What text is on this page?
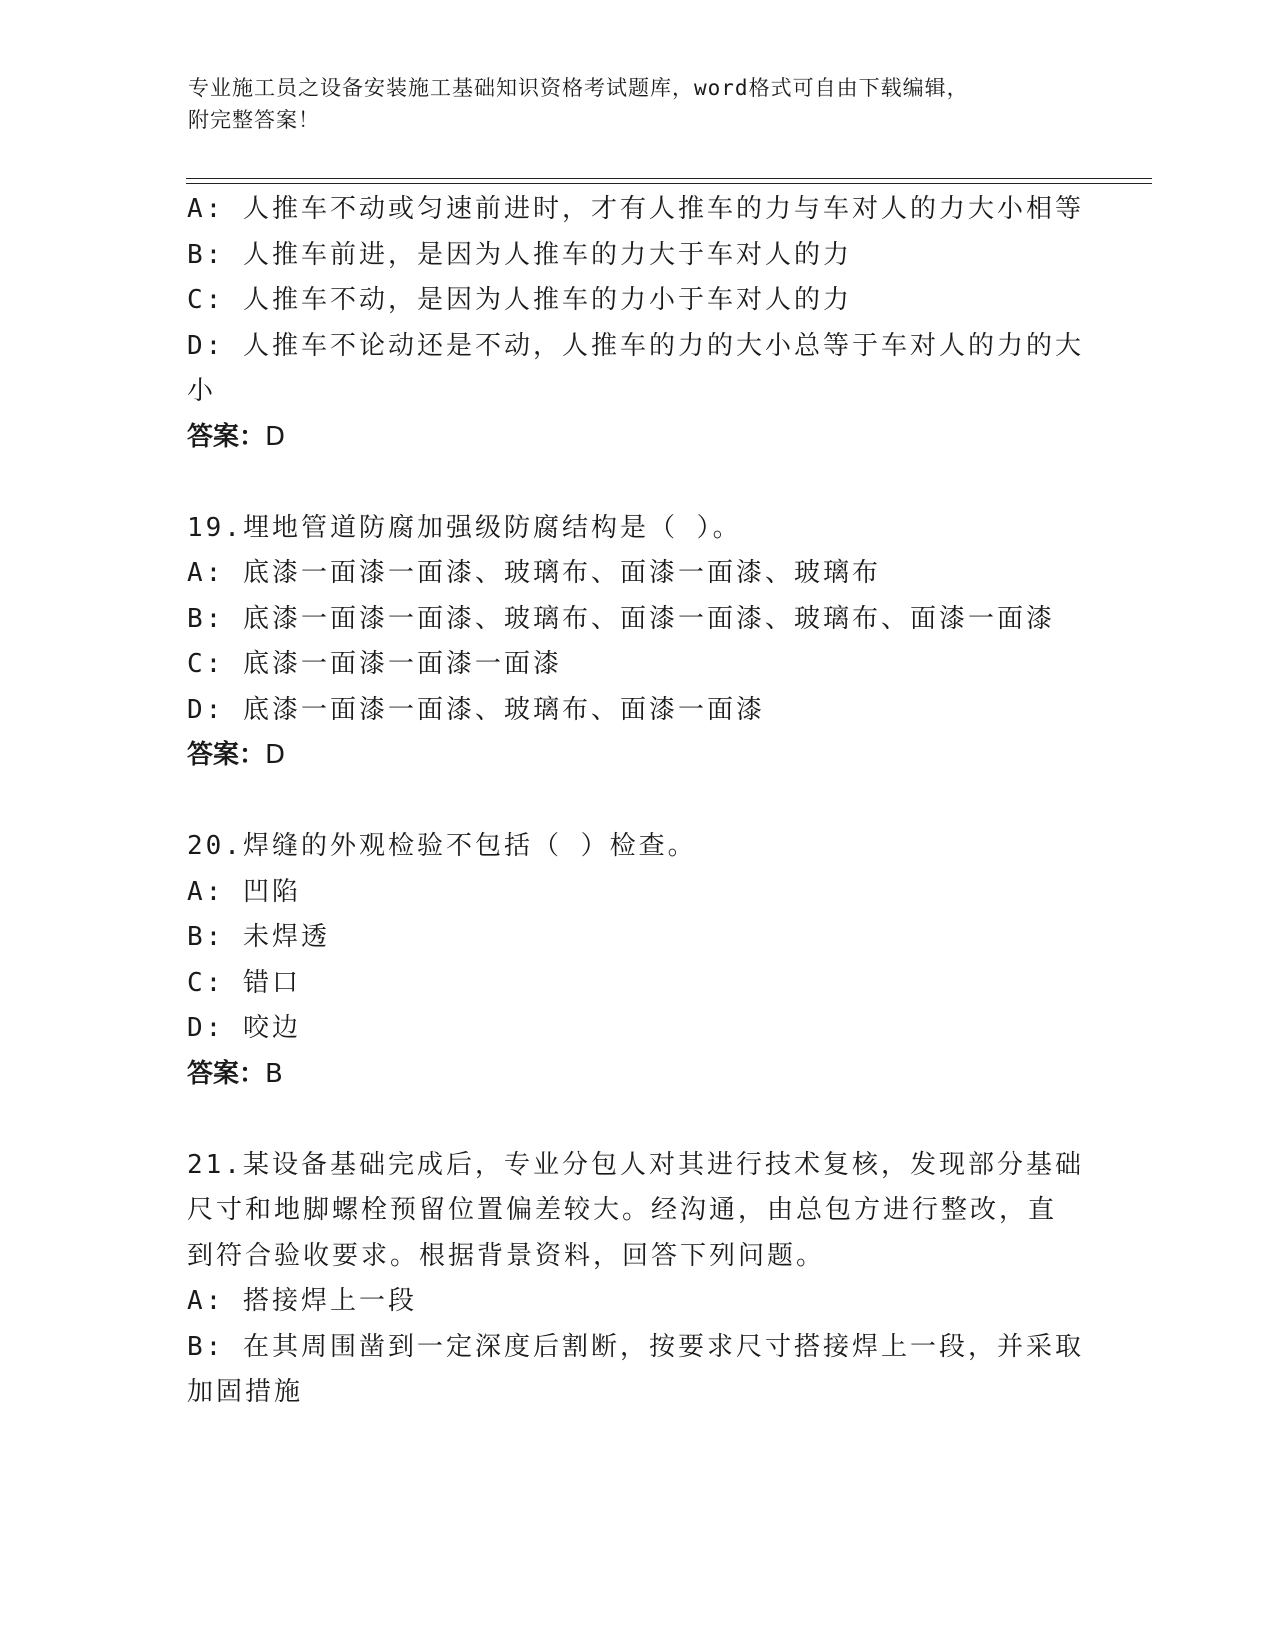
专业施工员之设备安装施工基础知识资格考试题库，word格式可自由下载编辑，
附完整答案！
A: 人推车不动或匀速前进时，才有人推车的力与车对人的力大小相等
B: 人推车前进，是因为人推车的力大于车对人的力
C: 人推车不动，是因为人推车的力小于车对人的力
D: 人推车不论动还是不动，人推车的力的大小总等于车对人的力的大
小
答案：D
19.埋地管道防腐加强级防腐结构是（ ）。
A: 底漆一面漆一面漆、玻璃布、面漆一面漆、玻璃布
B: 底漆一面漆一面漆、玻璃布、面漆一面漆、玻璃布、面漆一面漆
C: 底漆一面漆一面漆一面漆
D: 底漆一面漆一面漆、玻璃布、面漆一面漆
答案：D
20.焊缝的外观检验不包括（ ）检查。
A: 凹陷
B: 未焊透
C: 错口
D: 咬边
答案：B
21.某设备基础完成后，专业分包人对其进行技术复核，发现部分基础
尺寸和地脚螺栓预留位置偏差较大。经沟通，由总包方进行整改，直
到符合验收要求。根据背景资料，回答下列问题。
A: 搭接焊上一段
B: 在其周围凿到一定深度后割断，按要求尺寸搭接焊上一段，并采取
加固措施
